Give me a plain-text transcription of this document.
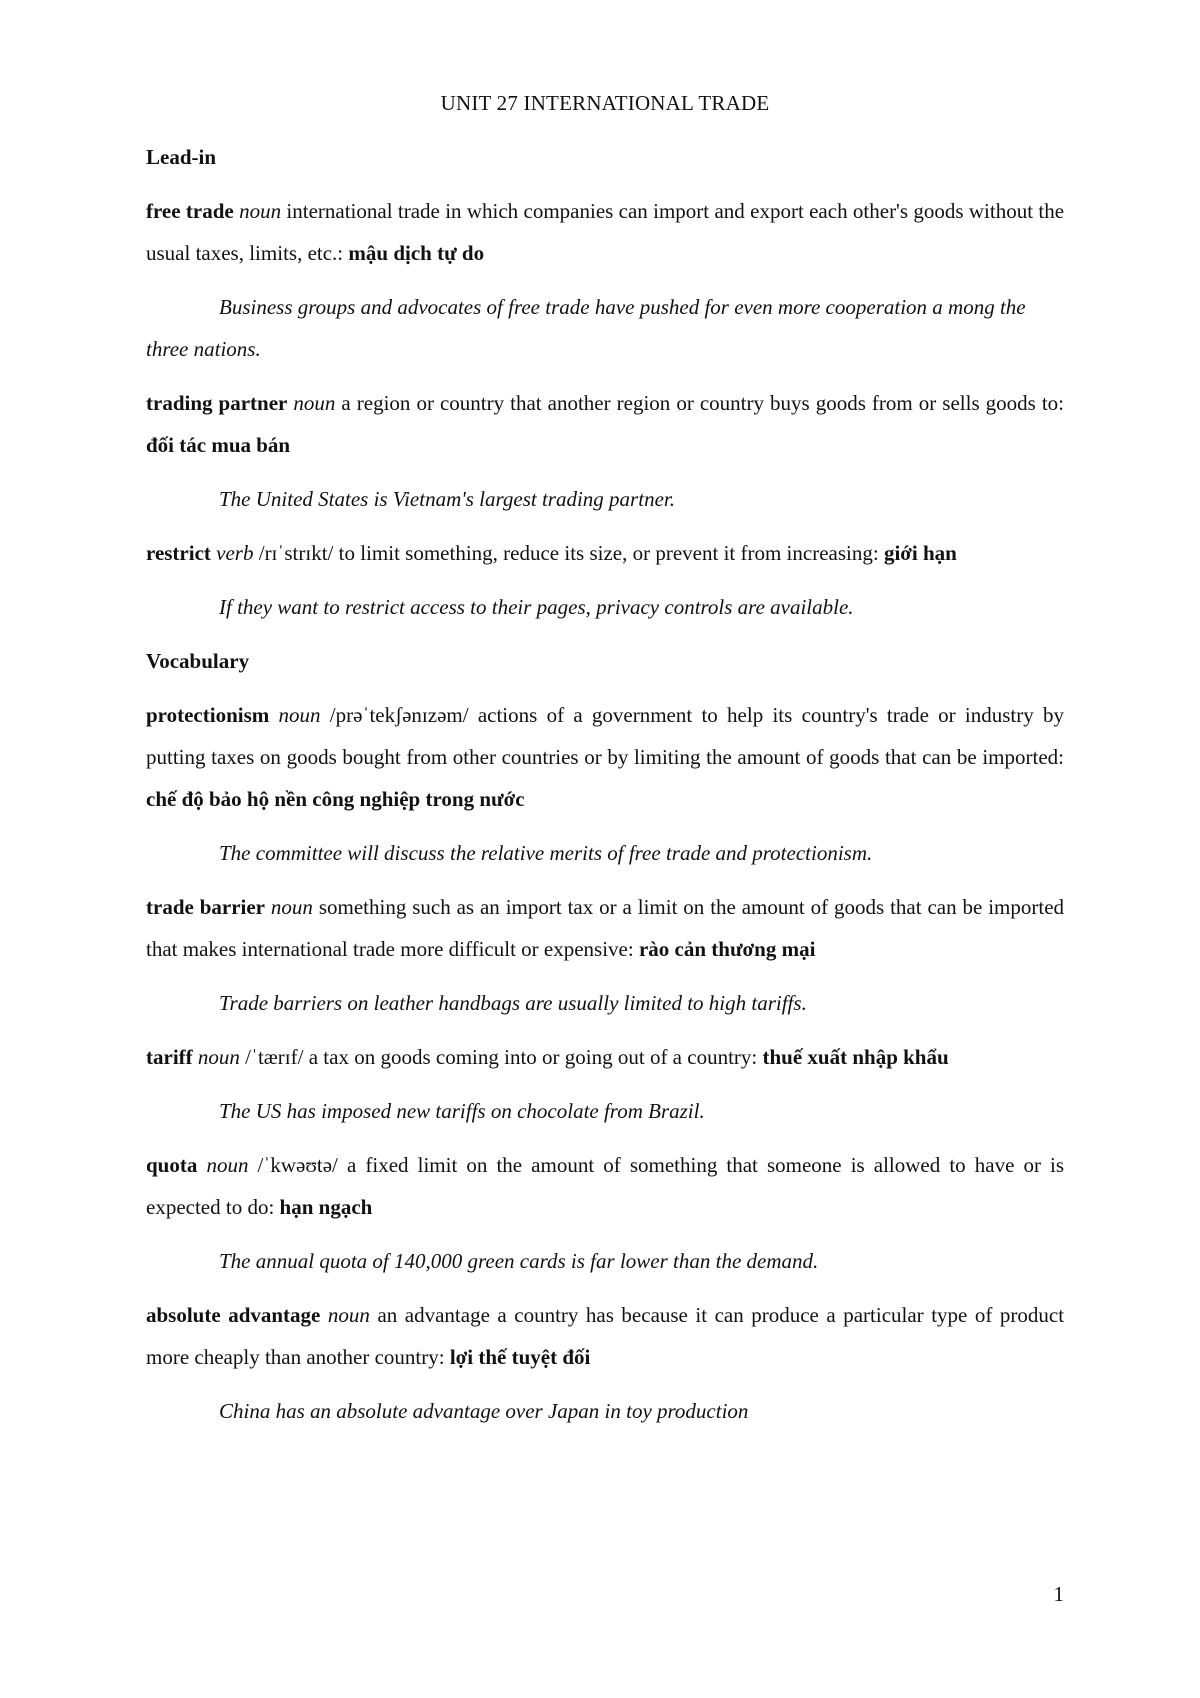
UNIT 27 INTERNATIONAL TRADE
Lead-in
free trade noun international trade in which companies can import and export each other's goods without the usual taxes, limits, etc.: mậu dịch tự do
Business groups and advocates of free trade have pushed for even more cooperation a mong the three nations.
trading partner noun a region or country that another region or country buys goods from or sells goods to: đối tác mua bán
The United States is Vietnam's largest trading partner.
restrict verb /rɪˈstrɪkt/ to limit something, reduce its size, or prevent it from increasing: giới hạn
If they want to restrict access to their pages, privacy controls are available.
Vocabulary
protectionism noun /prəˈtekʃənɪzəm/ actions of a government to help its country's trade or industry by putting taxes on goods bought from other countries or by limiting the amount of goods that can be imported: chế độ bảo hộ nền công nghiệp trong nước
The committee will discuss the relative merits of free trade and protectionism.
trade barrier noun something such as an import tax or a limit on the amount of goods that can be imported that makes international trade more difficult or expensive: rào cản thương mại
Trade barriers on leather handbags are usually limited to high tariffs.
tariff noun /ˈtærɪf/ a tax on goods coming into or going out of a country: thuế xuất nhập khẩu
The US has imposed new tariffs on chocolate from Brazil.
quota noun /ˈkwəʊtə/ a fixed limit on the amount of something that someone is allowed to have or is expected to do: hạn ngạch
The annual quota of 140,000 green cards is far lower than the demand.
absolute advantage noun an advantage a country has because it can produce a particular type of product more cheaply than another country: lợi thế tuyệt đối
China has an absolute advantage over Japan in toy production
1
